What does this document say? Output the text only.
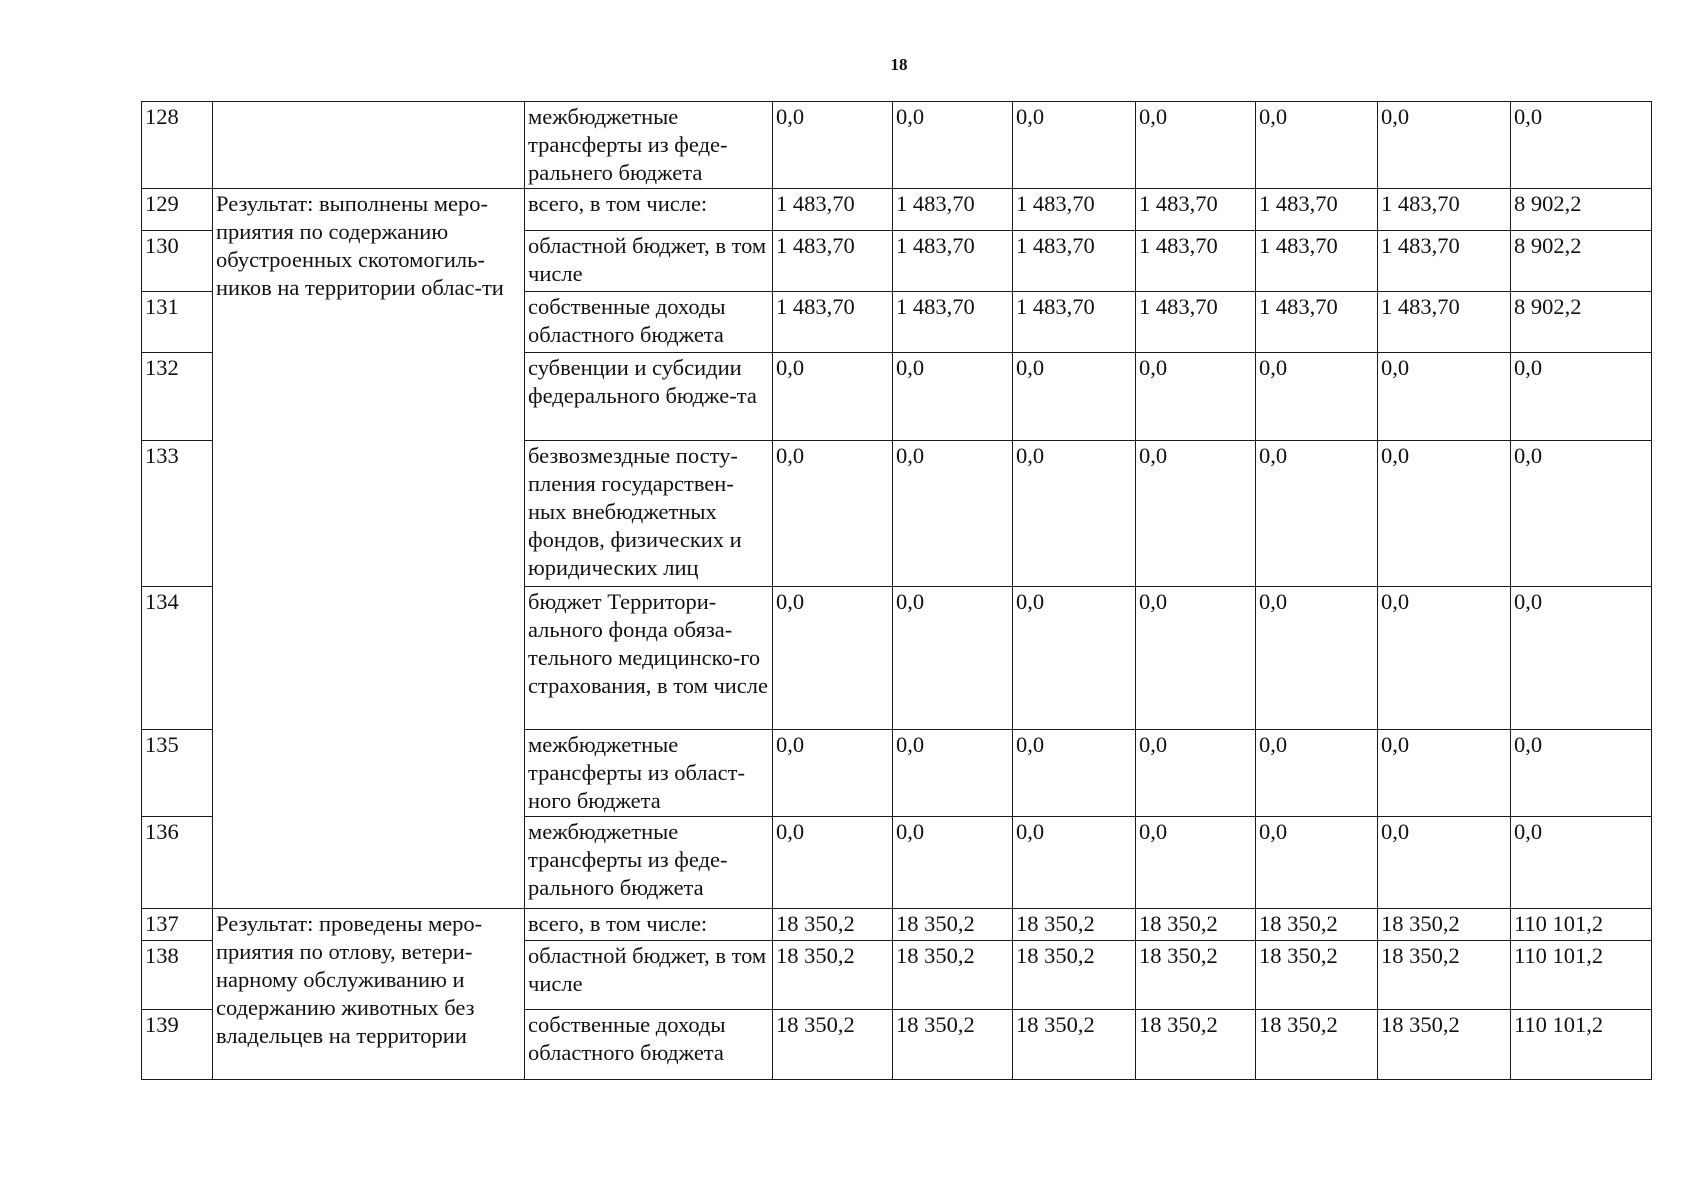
18
128		межбюджетные трансферты из феде-ральнего бюджета	0,0	0,0	0,0	0,0	0,0	0,0	0,0
129	Результат: выполнены меро-приятия по содержанию обустроенных скотомогиль-ников на территории облас-ти	всего, в том числе:	1 483,70	1 483,70	1 483,70	1 483,70	1 483,70	1 483,70	8 902,2
130		областной бюджет, в том числе	1 483,70	1 483,70	1 483,70	1 483,70	1 483,70	1 483,70	8 902,2
131		собственные доходы областного бюджета	1 483,70	1 483,70	1 483,70	1 483,70	1 483,70	1 483,70	8 902,2
132		субвенции и субсидии федерального бюдже-та	0,0	0,0	0,0	0,0	0,0	0,0	0,0
133		безвозмездные посту-пления государствен-ных внебюджетных фондов, физических и юридических лиц	0,0	0,0	0,0	0,0	0,0	0,0	0,0
134		бюджет Территори-ального фонда обяза-тельного медицинско-го страхования, в том числе	0,0	0,0	0,0	0,0	0,0	0,0	0,0
135		межбюджетные трансферты из област-ного бюджета	0,0	0,0	0,0	0,0	0,0	0,0	0,0
136		межбюджетные трансферты из феде-рального бюджета	0,0	0,0	0,0	0,0	0,0	0,0	0,0
137	Результат: проведены меро-приятия по отлову, ветери-нарному обслуживанию и содержанию животных без владельцев на территории	всего, в том числе:	18 350,2	18 350,2	18 350,2	18 350,2	18 350,2	18 350,2	110 101,2
138		областной бюджет, в том числе	18 350,2	18 350,2	18 350,2	18 350,2	18 350,2	18 350,2	110 101,2
139		собственные доходы областного бюджета	18 350,2	18 350,2	18 350,2	18 350,2	18 350,2	18 350,2	110 101,2
